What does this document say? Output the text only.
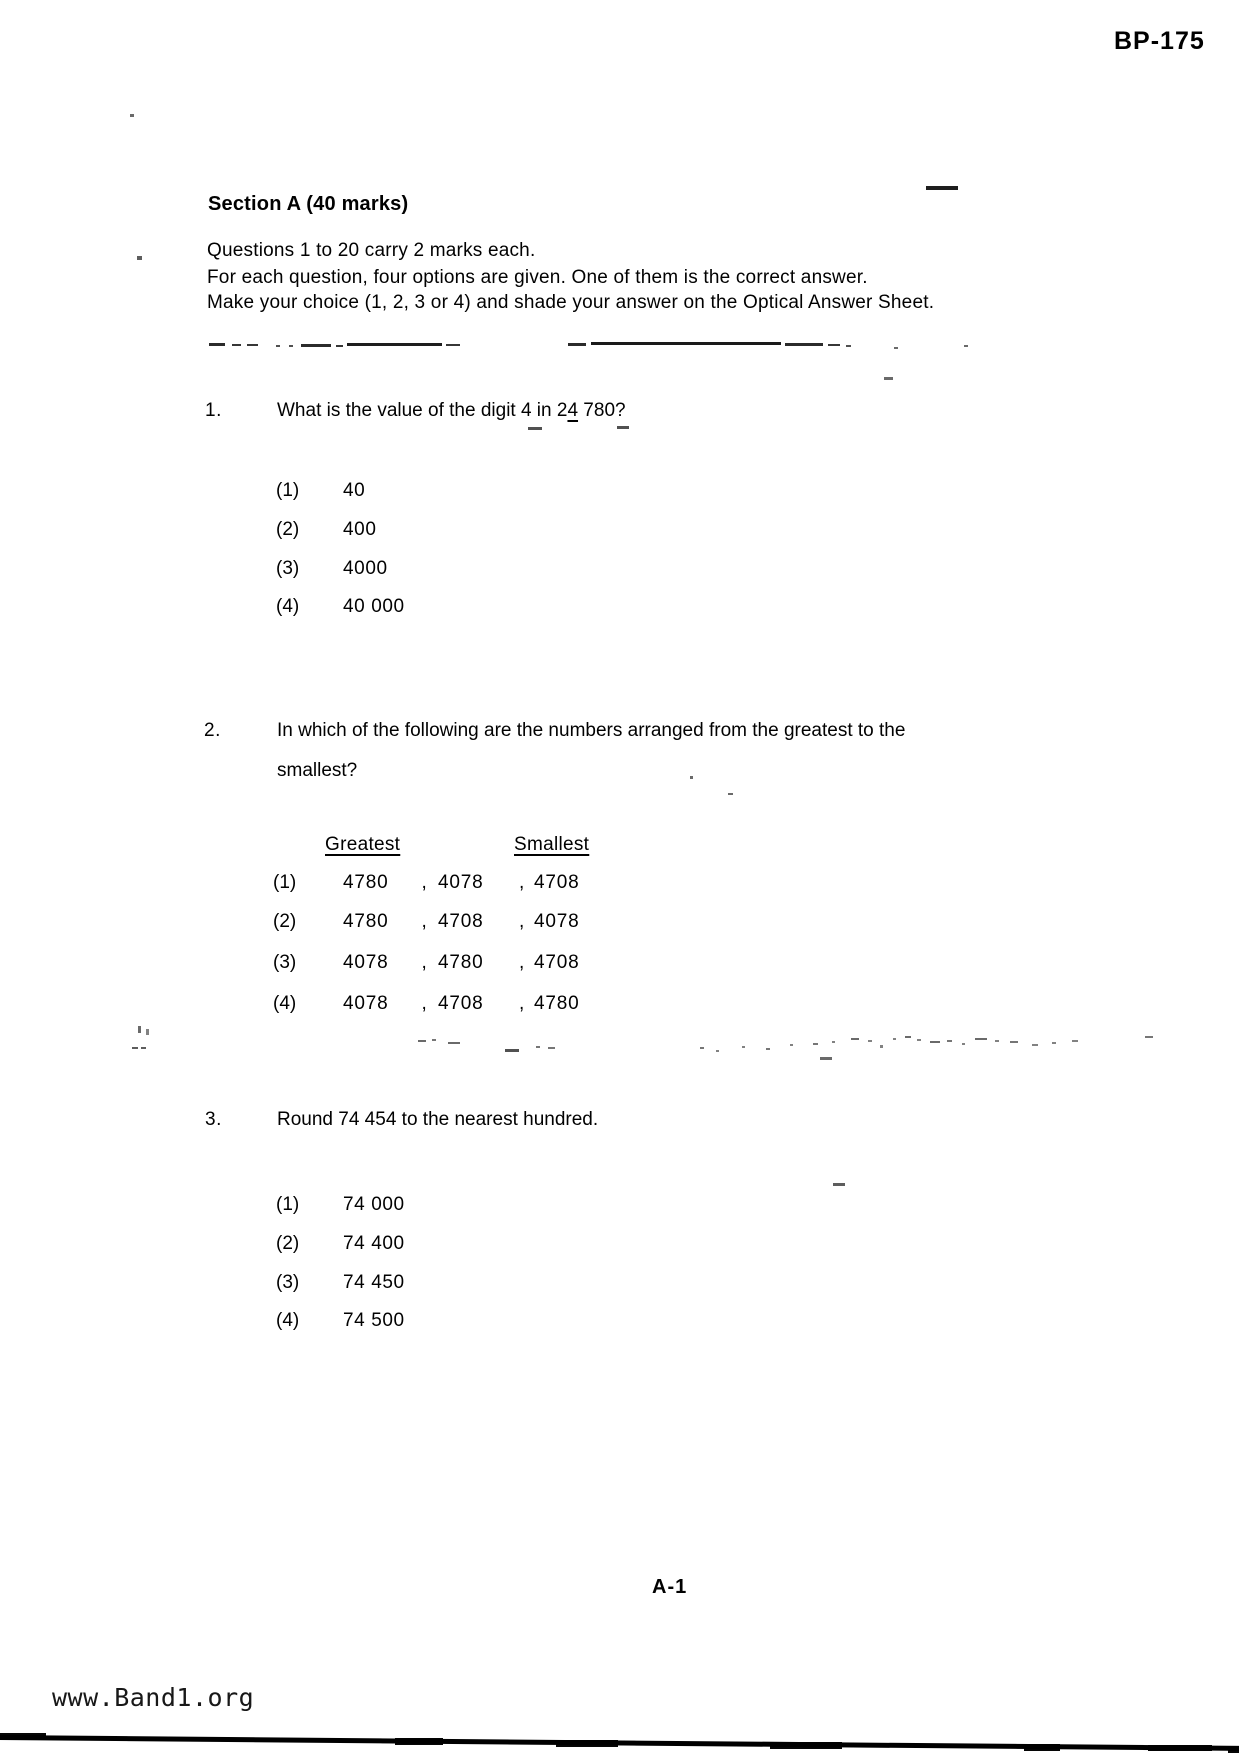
BP-175
Section A (40 marks)
Questions 1 to 20 carry 2 marks each.
For each question, four options are given. One of them is the correct answer.
Make your choice (1, 2, 3 or 4) and shade your answer on the Optical Answer Sheet.
1.	What is the value of the digit 4 in 24 780?
(1)	40
(2)	400
(3)	4000
(4)	40 000
2.	In which of the following are the numbers arranged from the greatest to the
smallest?
Greatest	Smallest
(1)	4780	, 4078	, 4708
(2)	4780	, 4708	, 4078
(3)	4078	, 4780	, 4708
(4)	4078	, 4708	, 4780
3.	Round 74 454 to the nearest hundred.
(1)	74 000
(2)	74 400
(3)	74 450
(4)	74 500
A-1
www.Band1.org
